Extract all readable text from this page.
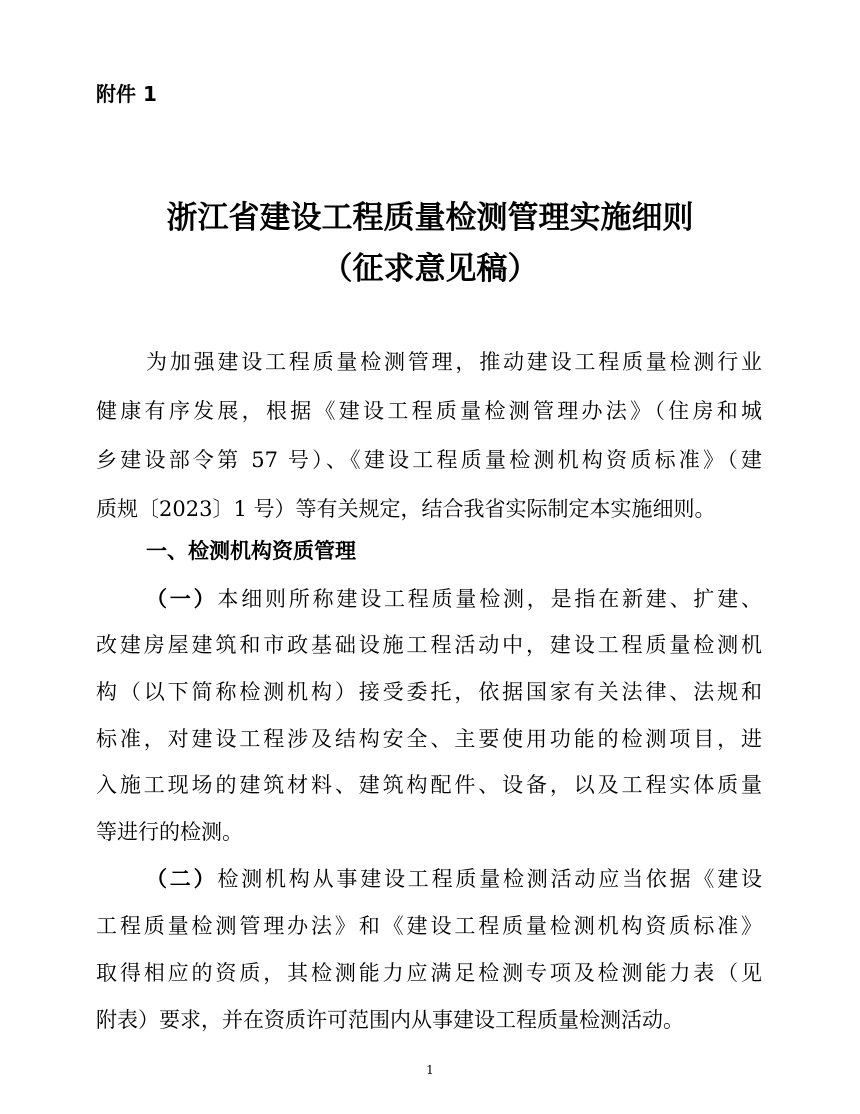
附件 1
浙江省建设工程质量检测管理实施细则
（征求意见稿）
为加强建设工程质量检测管理，推动建设工程质量检测行业
健康有序发展，根据《建设工程质量检测管理办法》（住房和城
乡建设部令第 57 号）、《建设工程质量检测机构资质标准》（建
质规〔2023〕1 号）等有关规定，结合我省实际制定本实施细则。
一、检测机构资质管理
（一）本细则所称建设工程质量检测，是指在新建、扩建、
改建房屋建筑和市政基础设施工程活动中，建设工程质量检测机
构（以下简称检测机构）接受委托，依据国家有关法律、法规和
标准，对建设工程涉及结构安全、主要使用功能的检测项目，进
入施工现场的建筑材料、建筑构配件、设备，以及工程实体质量
等进行的检测。
（二）检测机构从事建设工程质量检测活动应当依据《建设
工程质量检测管理办法》和《建设工程质量检测机构资质标准》
取得相应的资质，其检测能力应满足检测专项及检测能力表（见
附表）要求，并在资质许可范围内从事建设工程质量检测活动。
1
